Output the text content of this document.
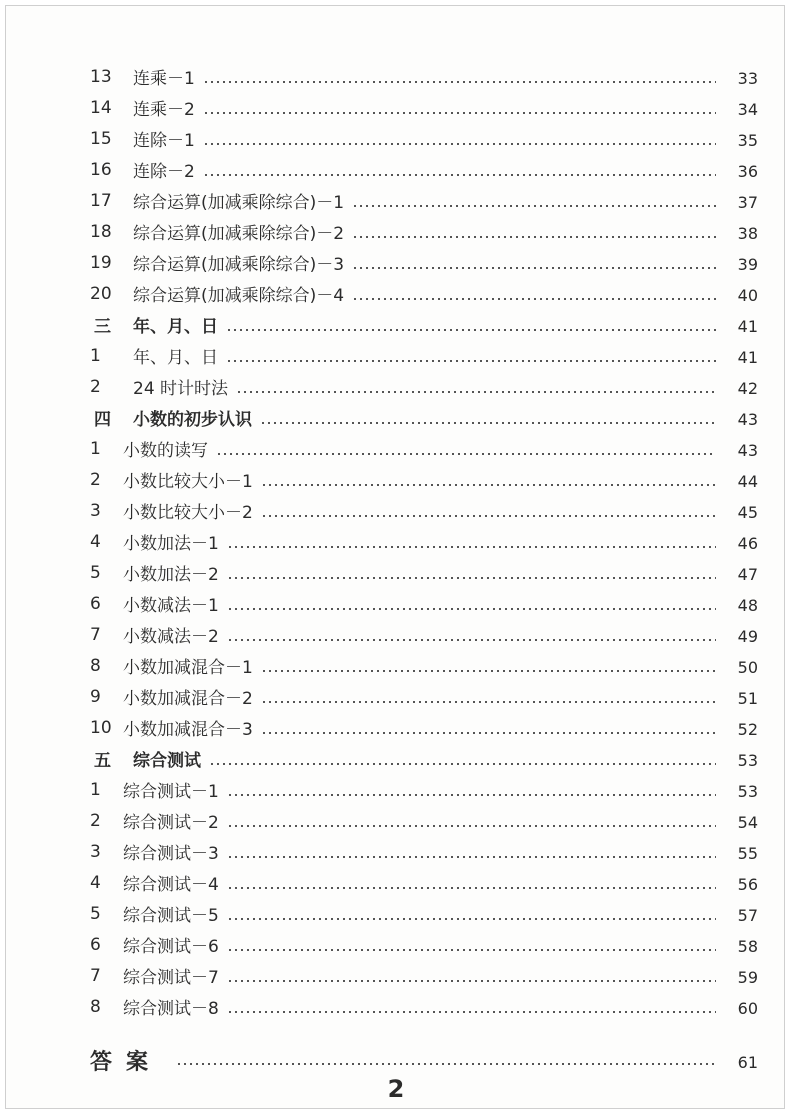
13	连乘－1	33
14	连乘－2	34
15	连除－1	35
16	连除－2	36
17	综合运算(加减乘除综合)－1	37
18	综合运算(加减乘除综合)－2	38
19	综合运算(加减乘除综合)－3	39
20	综合运算(加减乘除综合)－4	40
三 年、月、日	41
1	年、月、日	41
2	24 时计时法	42
四 小数的初步认识	43
1	小数的读写	43
2	小数比较大小－1	44
3	小数比较大小－2	45
4	小数加法－1	46
5	小数加法－2	47
6	小数减法－1	48
7	小数减法－2	49
8	小数加减混合－1	50
9	小数加减混合－2	51
10 小数加减混合－3	52
五 综合测试	53
1	综合测试－1	53
2	综合测试－2	54
3	综合测试－3	55
4	综合测试－4	56
5	综合测试－5	57
6	综合测试－6	58
7	综合测试－7	59
8	综合测试－8	60
答案	61
2
